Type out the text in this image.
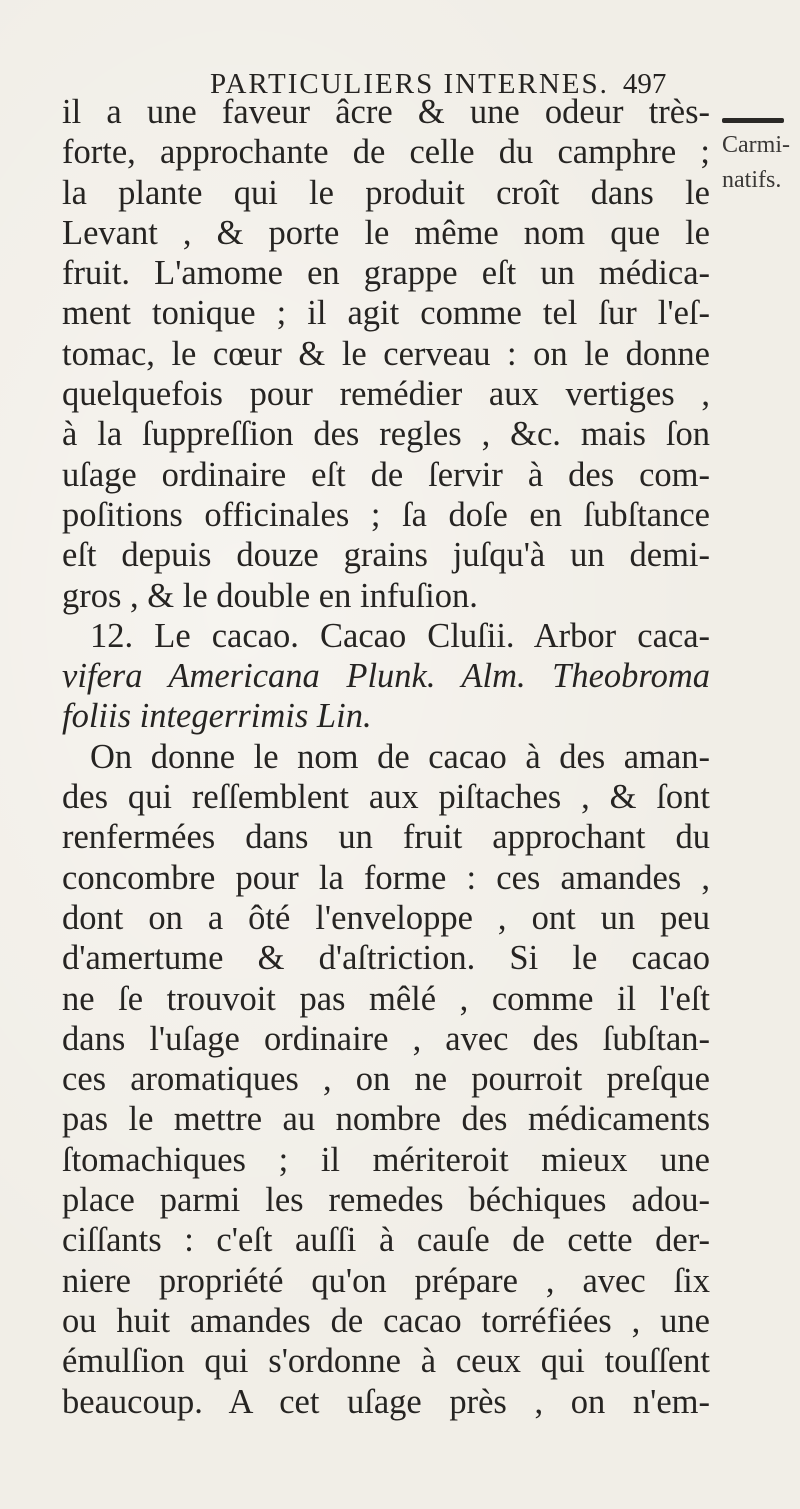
PARTICULIERS INTERNES. 497
Carmi-
natifs.
il a une faveur âcre & une odeur très-
forte, approchante de celle du camphre ;
la plante qui le produit croît dans le
Levant , & porte le même nom que le
fruit. L'amome en grappe eſt un médica-
ment tonique ; il agit comme tel ſur l'eſ-
tomac, le cœur & le cerveau : on le donne
quelquefois pour remédier aux vertiges ,
à la ſuppreſſion des regles , &c. mais ſon
uſage ordinaire eſt de ſervir à des com-
poſitions officinales ; ſa doſe en ſubſtance
eſt depuis douze grains juſqu'à un demi-
gros , & le double en infuſion.
12. Le cacao. Cacao Cluſii. Arbor caca-
vifera Americana Plunk. Alm. Theobroma
foliis integerrimis Lin.
On donne le nom de cacao à des aman-
des qui reſſemblent aux piſtaches , & ſont
renfermées dans un fruit approchant du
concombre pour la forme : ces amandes ,
dont on a ôté l'enveloppe , ont un peu
d'amertume & d'aſtriction. Si le cacao
ne ſe trouvoit pas mêlé , comme il l'eſt
dans l'uſage ordinaire , avec des ſubſtan-
ces aromatiques , on ne pourroit preſque
pas le mettre au nombre des médicaments
ſtomachiques ; il mériteroit mieux une
place parmi les remedes béchiques adou-
ciſſants : c'eſt auſſi à cauſe de cette der-
niere propriété qu'on prépare , avec ſix
ou huit amandes de cacao torréfiées , une
émulſion qui s'ordonne à ceux qui touſſent
beaucoup. A cet uſage près , on n'em-
